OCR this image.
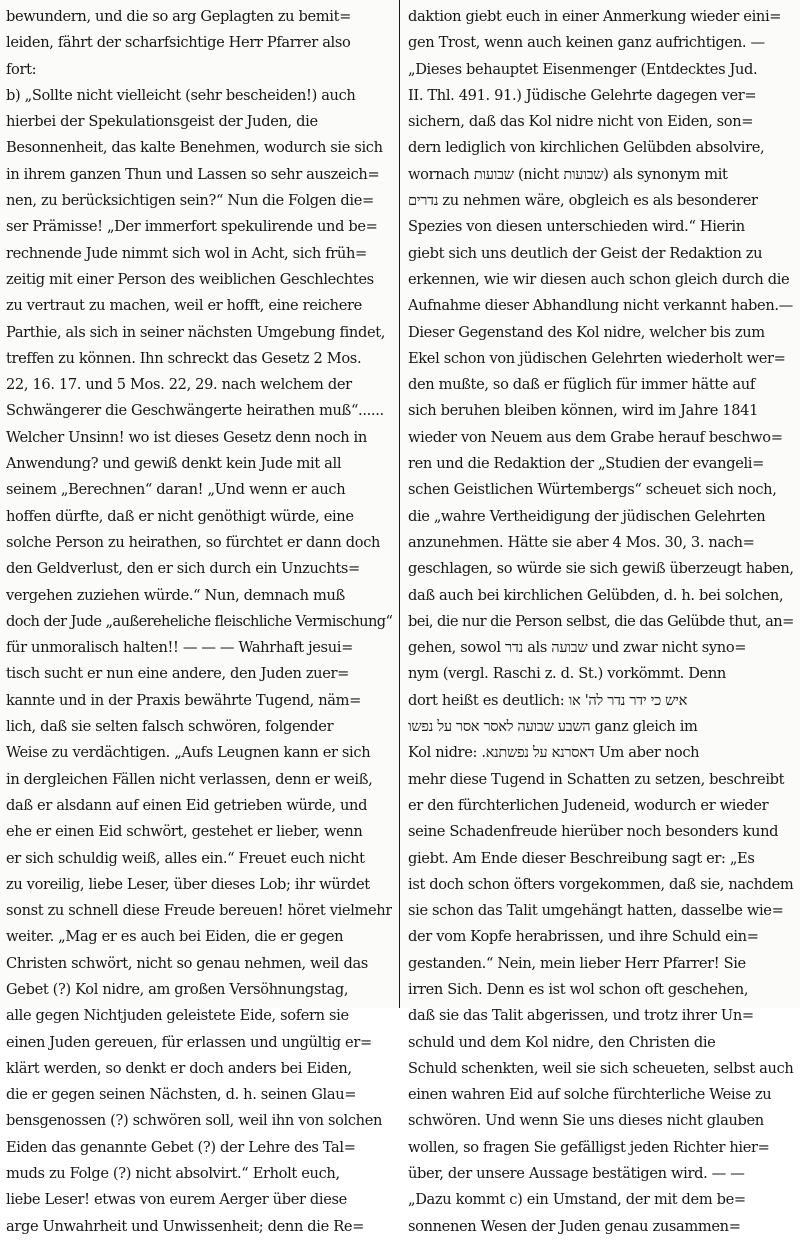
bewundern, und die so arg Geplagten zu bemit=
leiden, fährt der scharfsichtige Herr Pfarrer also
fort:
b) „Sollte nicht vielleicht (sehr bescheiden!) auch
hierbei der Spekulationsgeist der Juden, die
Besonnenheit, das kalte Benehmen, wodurch sie sich
in ihrem ganzen Thun und Lassen so sehr auszeich=
nen, zu berücksichtigen sein?“ Nun die Folgen die=
ser Prämisse! „Der immerfort spekulirende und be=
rechnende Jude nimmt sich wol in Acht, sich früh=
zeitig mit einer Person des weiblichen Geschlechtes
zu vertraut zu machen, weil er hofft, eine reichere
Parthie, als sich in seiner nächsten Umgebung findet,
treffen zu können. Ihn schreckt das Gesetz 2 Mos.
22, 16. 17. und 5 Mos. 22, 29. nach welchem der
Schwängerer die Geschwängerte heirathen muß“......
Welcher Unsinn! wo ist dieses Gesetz denn noch in
Anwendung? und gewiß denkt kein Jude mit all
seinem „Berechnen“ daran! „Und wenn er auch
hoffen dürfte, daß er nicht genöthigt würde, eine
solche Person zu heirathen, so fürchtet er dann doch
den Geldverlust, den er sich durch ein Unzuchts=
vergehen zuziehen würde.“ Nun, demnach muß
doch der Jude „außereheliche fleischliche Vermischung“
für unmoralisch halten!! — — — Wahrhaft jesui=
tisch sucht er nun eine andere, den Juden zuer=
kannte und in der Praxis bewährte Tugend, näm=
lich, daß sie selten falsch schwören, folgender
Weise zu verdächtigen. „Aufs Leugnen kann er sich
in dergleichen Fällen nicht verlassen, denn er weiß,
daß er alsdann auf einen Eid getrieben würde, und
ehe er einen Eid schwört, gestehet er lieber, wenn
er sich schuldig weiß, alles ein.“ Freuet euch nicht
zu voreilig, liebe Leser, über dieses Lob; ihr würdet
sonst zu schnell diese Freude bereuen! höret vielmehr
weiter. „Mag er es auch bei Eiden, die er gegen
Christen schwört, nicht so genau nehmen, weil das
Gebet (?) Kol nidre, am großen Versöhnungstag,
alle gegen Nichtjuden geleistete Eide, sofern sie
einen Juden gereuen, für erlassen und ungültig er=
klärt werden, so denkt er doch anders bei Eiden,
die er gegen seinen Nächsten, d. h. seinen Glau=
bensgenossen (?) schwören soll, weil ihn von solchen
Eiden das genannte Gebet (?) der Lehre des Tal=
muds zu Folge (?) nicht absolvirt.“ Erholt euch,
liebe Leser! etwas von eurem Aerger über diese
arge Unwahrheit und Unwissenheit; denn die Re=
daktion giebt euch in einer Anmerkung wieder eini=
gen Trost, wenn auch keinen ganz aufrichtigen. —
„Dieses behauptet Eisenmenger (Entdecktes Jud.
II. Thl. 491. 91.) Jüdische Gelehrte dagegen ver=
sichern, daß das Kol nidre nicht von Eiden, son=
dern lediglich von kirchlichen Gelübden absolvire,
wornach שבועות (nicht שבועות) als synonym mit
נדרים zu nehmen wäre, obgleich es als besonderer
Spezies von diesen unterschieden wird.“ Hierin
giebt sich uns deutlich der Geist der Redaktion zu
erkennen, wie wir diesen auch schon gleich durch die
Aufnahme dieser Abhandlung nicht verkannt haben.—
Dieser Gegenstand des Kol nidre, welcher bis zum
Ekel schon von jüdischen Gelehrten wiederholt wer=
den mußte, so daß er füglich für immer hätte auf
sich beruhen bleiben können, wird im Jahre 1841
wieder von Neuem aus dem Grabe herauf beschwo=
ren und die Redaktion der „Studien der evangeli=
schen Geistlichen Würtembergs“ scheuet sich noch,
die „wahre Vertheidigung der jüdischen Gelehrten
anzunehmen. Hätte sie aber 4 Mos. 30, 3. nach=
geschlagen, so würde sie sich gewiß überzeugt haben,
daß auch bei kirchlichen Gelübden, d. h. bei solchen,
bei, die nur die Person selbst, die das Gelübde thut, an=
gehen, sowol נדר als שבועה und zwar nicht syno=
nym (vergl. Raschi z. d. St.) vorkömmt. Denn
dort heißt es deutlich: איש כי ידר נדר לה' או
השבע שבועה לאסר אסר על נפשו ganz gleich im
Kol nidre: .דאסרנא על נפשתנא Um aber noch
mehr diese Tugend in Schatten zu setzen, beschreibt
er den fürchterlichen Judeneid, wodurch er wieder
seine Schadenfreude hierüber noch besonders kund
giebt. Am Ende dieser Beschreibung sagt er: „Es
ist doch schon öfters vorgekommen, daß sie, nachdem
sie schon das Talit umgehängt hatten, dasselbe wie=
der vom Kopfe herabrissen, und ihre Schuld ein=
gestanden.“ Nein, mein lieber Herr Pfarrer! Sie
irren Sich. Denn es ist wol schon oft geschehen,
daß sie das Talit abgerissen, und trotz ihrer Un=
schuld und dem Kol nidre, den Christen die
Schuld schenkten, weil sie sich scheueten, selbst auch
einen wahren Eid auf solche fürchterliche Weise zu
schwören. Und wenn Sie uns dieses nicht glauben
wollen, so fragen Sie gefälligst jeden Richter hier=
über, der unsere Aussage bestätigen wird. — —
„Dazu kommt c) ein Umstand, der mit dem be=
sonnenen Wesen der Juden genau zusammen=
